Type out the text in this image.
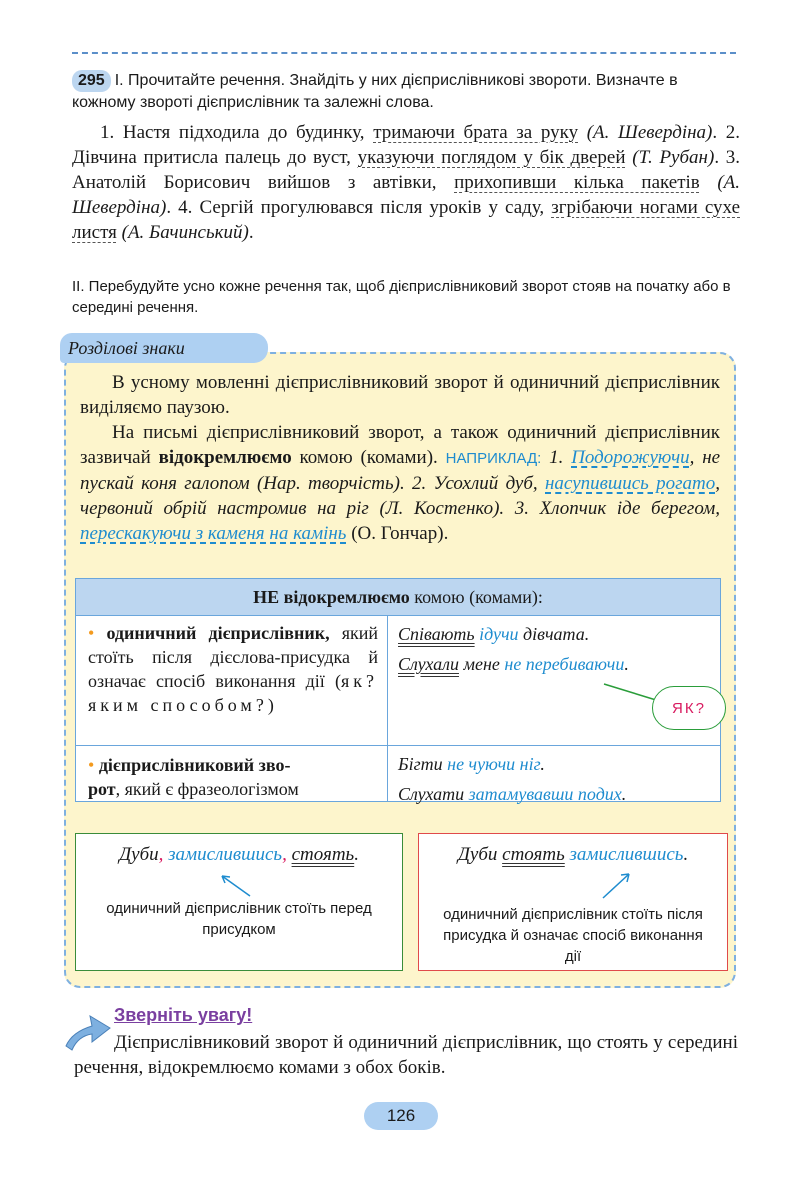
295 І. Прочитайте речення. Знайдіть у них дієприслівникові звороти. Визначте в кожному звороті дієприслівник та залежні слова.
1. Настя підходила до будинку, тримаючи брата за руку (А. Шевердіна). 2. Дівчина притисла палець до вуст, указуючи поглядом у бік дверей (Т. Рубан). 3. Анатолій Борисович вийшов з автівки, прихопивши кілька пакетів (А. Шевердіна). 4. Сергій прогулювався після уроків у саду, згрібаючи ногами сухе листя (А. Бачинський).
ІІ. Перебудуйте усно кожне речення так, щоб дієприслівниковий зворот стояв на початку або в середині речення.
Розділові знаки

В усному мовленні дієприслівниковий зворот й одиничний дієприслівник виділяємо паузою.

На письмі дієприслівниковий зворот, а також одиничний дієприслівник зазвичай відокремлюємо комою (комами). НАПРИКЛАД: 1. Подорожуючи, не пускай коня галопом (Нар. творчість). 2. Усохлий дуб, насупившись рогато, червоний обрій настромив на ріг (Л. Костенко). 3. Хлопчик іде берегом, перескакуючи з каменя на камінь (О. Гончар).

НЕ відокремлюємо комою (комами):
• одиничний дієприслівник, який стоїть після дієслова-присудка й означає спосіб виконання дії (як? яким способом?)
Співають ідучи дівчата.
Слухали мене не перебиваючи.
• дієприслівниковий зво-
рот, який є фразеологізмом
Бігти не чуючи ніг.
Слухати затамувавши подих.
ЯК?
Дуби, замислившись, стоять.
одиничний дієприслівник стоїть перед присудком
Дуби стоять замислившись.
одиничний дієприслівник стоїть після присудка й означає спосіб виконання дії
Зверніть увагу!
Дієприслівниковий зворот й одиничний дієприслівник, що стоять у середині речення, відокремлюємо комами з обох боків.
126
